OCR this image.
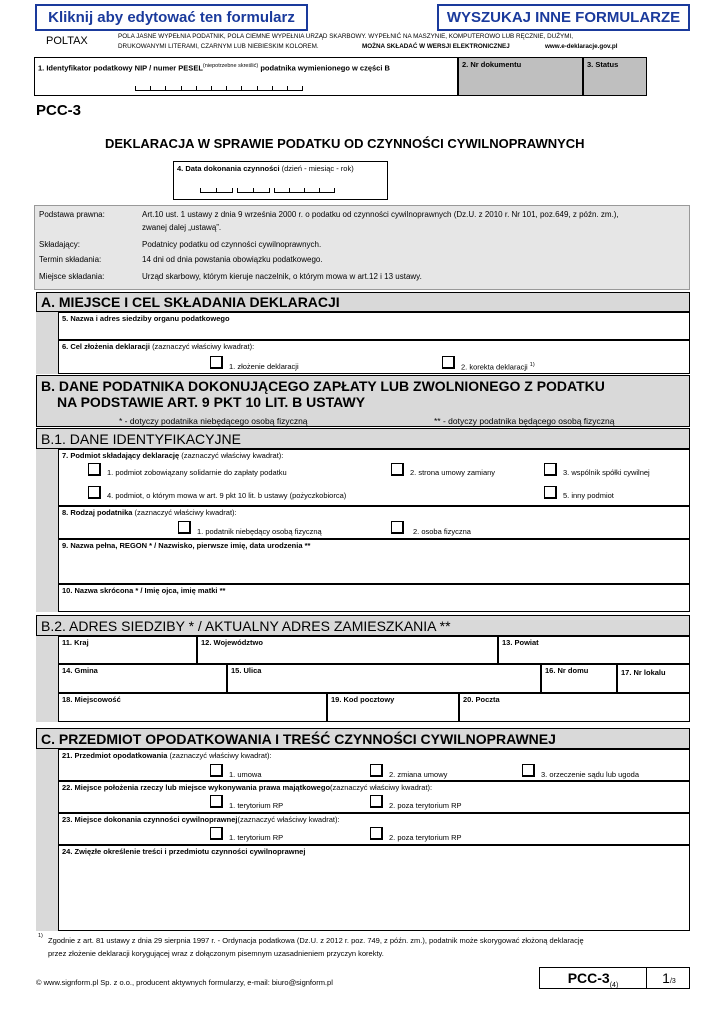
Kliknij aby edytować ten formularz	WYSZUKAJ INNE FORMULARZE
POLTAX	POLA JASNE WYPEŁNIA PODATNIK, POLA CIEMNE WYPEŁNIA URZĄD SKARBOWY. WYPEŁNIĆ NA MASZYNIE, KOMPUTEROWO LUB RĘCZNIE, DUŻYMI,
DRUKOWANYMI LITERAMI, CZARNYM LUB NIEBIESKIM KOLOREM.	MOŻNA SKŁADAĆ W WERSJI ELEKTRONICZNEJ	www.e-deklaracje.gov.pl
1. Identyfikator podatkowy NIP / numer $PESEL^{(niepotrzebne skreślić)}$ podatnika wymienionego w części B	2. Nr dokumentu	3. Status
PCC-3
DEKLARACJA W SPRAWIE PODATKU OD CZYNNOŚCI CYWILNOPRAWNYCH
4. Data dokonania czynności (dzień - miesiąc - rok)
Podstawa prawna:	Art.10 ust. 1 ustawy z dnia 9 września 2000 r. o podatku od czynności cywilnoprawnych (Dz.U. z 2010 r. Nr 101, poz.649, z późn. zm.),
zwanej dalej „ustawą”.
Składający:	Podatnicy podatku od czynności cywilnoprawnych.
Termin składania:	14 dni od dnia powstania obowiązku podatkowego.
Miejsce składania:	Urząd skarbowy, którym kieruje naczelnik, o którym mowa w art.12 i 13 ustawy.
A. MIEJSCE I CEL SKŁADANIA DEKLARACJI
5. Nazwa i adres siedziby organu podatkowego
6. Cel złożenia deklaracji (zaznaczyć właściwy kwadrat):
1. złożenie deklaracji	2. korekta deklaracji $^{1)}$
B. DANE PODATNIKA DOKONUJĄCEGO ZAPŁATY LUB ZWOLNIONEGO Z PODATKU
NA PODSTAWIE ART. 9 PKT 10 LIT. B USTAWY
* - dotyczy podatnika niebędącego osobą fizyczną	** - dotyczy podatnika będącego osobą fizyczną
B.1. DANE IDENTYFIKACYJNE
7. Podmiot składający deklarację (zaznaczyć właściwy kwadrat):
1. podmiot zobowiązany solidarnie do zapłaty podatku	2. strona umowy zamiany	3. wspólnik spółki cywilnej
4. podmiot, o którym mowa w art. 9 pkt 10 lit. b ustawy (pożyczkobiorca)	5. inny podmiot
8. Rodzaj podatnika (zaznaczyć właściwy kwadrat):
1. podatnik niebędący osobą fizyczną	2. osoba fizyczna
9. Nazwa pełna, REGON * / Nazwisko, pierwsze imię, data urodzenia **
10. Nazwa skrócona * / Imię ojca, imię matki **
B.2. ADRES SIEDZIBY * / AKTUALNY ADRES ZAMIESZKANIA **
11. Kraj	12. Województwo	13. Powiat
14. Gmina	15. Ulica	16. Nr domu	17. Nr lokalu
18. Miejscowość	19. Kod pocztowy	20. Poczta
C. PRZEDMIOT OPODATKOWANIA I TREŚĆ CZYNNOŚCI CYWILNOPRAWNEJ
21. Przedmiot opodatkowania (zaznaczyć właściwy kwadrat):
1. umowa	2. zmiana umowy	3. orzeczenie sądu lub ugoda
22. Miejsce położenia rzeczy lub miejsce wykonywania prawa majątkowego(zaznaczyć właściwy kwadrat):
1. terytorium RP	2. poza terytorium RP
23. Miejsce dokonania czynności cywilnoprawnej(zaznaczyć właściwy kwadrat):
1. terytorium RP	2. poza terytorium RP
24. Zwięzłe określenie treści i przedmiotu czynności cywilnoprawnej
1) Zgodnie z art. 81 ustawy z dnia 29 sierpnia 1997 r. - Ordynacja podatkowa (Dz.U. z 2012 r. poz. 749, z późn. zm.), podatnik może skorygować złożoną deklarację
przez złożenie deklaracji korygującej wraz z dołączonym pisemnym uzasadnieniem przyczyn korekty.
© www.signform.pl Sp. z o.o., producent aktywnych formularzy, e-mail: biuro@signform.pl	PCC-$3_{(4)}$	1/3
